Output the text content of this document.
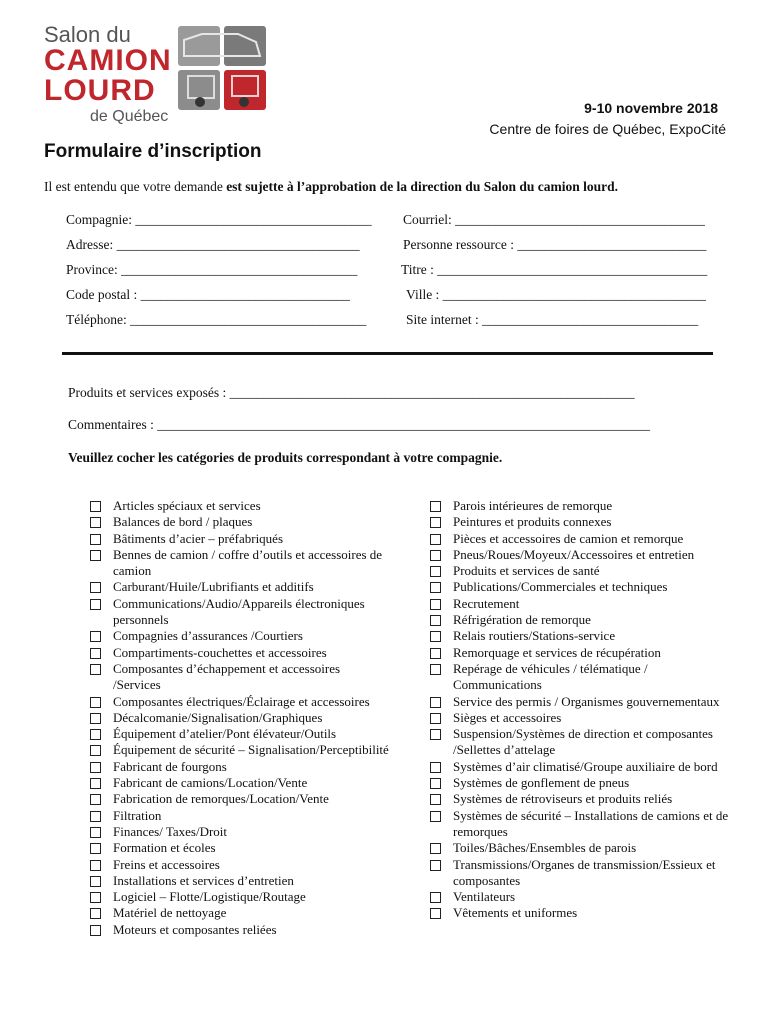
Salon du
CAMION
LOURD
de Québec	9-10 novembre 2018
Centre de foires de Québec, ExpoCité
Formulaire d’inscription
Il est entendu que votre demande est sujette à l’approbation de la direction du Salon du camion lourd.
Compagnie: ___________________________________ Courriel: _____________________________________
Adresse: ____________________________________	Personne ressource : ____________________________
Province: ___________________________________	Titre : ________________________________________
Code postal : _______________________________	Ville : _______________________________________
Téléphone: ___________________________________	Site internet : ________________________________
Produits et services exposés : ____________________________________________________________
Commentaires : _________________________________________________________________________
Veuillez cocher les catégories de produits correspondant à votre compagnie.
Articles spéciaux et services
Balances de bord / plaques
Bâtiments d’acier – préfabriqués
Bennes de camion / coffre d’outils et accessoires de camion
Carburant/Huile/Lubrifiants et additifs
Communications/Audio/Appareils électroniques personnels
Compagnies d’assurances /Courtiers
Compartiments-couchettes et accessoires
Composantes d’échappement et accessoires /Services
Composantes électriques/Éclairage et accessoires
Décalcomanie/Signalisation/Graphiques
Équipement d’atelier/Pont élévateur/Outils
Équipement de sécurité – Signalisation/Perceptibilité
Fabricant de fourgons
Fabricant de camions/Location/Vente
Fabrication de remorques/Location/Vente
Filtration
Finances/ Taxes/Droit
Formation et écoles
Freins et accessoires
Installations et services d’entretien
Logiciel – Flotte/Logistique/Routage
Matériel de nettoyage
Moteurs et composantes reliées
Parois intérieures de remorque
Peintures et produits connexes
Pièces et accessoires de camion et remorque
Pneus/Roues/Moyeux/Accessoires et entretien
Produits et services de santé
Publications/Commerciales et techniques
Recrutement
Réfrigération de remorque
Relais routiers/Stations-service
Remorquage et services de récupération
Repérage de véhicules / télématique / Communications
Service des permis / Organismes gouvernementaux
Sièges et accessoires
Suspension/Systèmes de direction et composantes /Sellettes d’attelage
Systèmes d’air climatisé/Groupe auxiliaire de bord
Systèmes de gonflement de pneus
Systèmes de rétroviseurs et produits reliés
Systèmes de sécurité – Installations de camions et de remorques
Toiles/Bâches/Ensembles de parois
Transmissions/Organes de transmission/Essieux et composantes
Ventilateurs
Vêtements et uniformes
